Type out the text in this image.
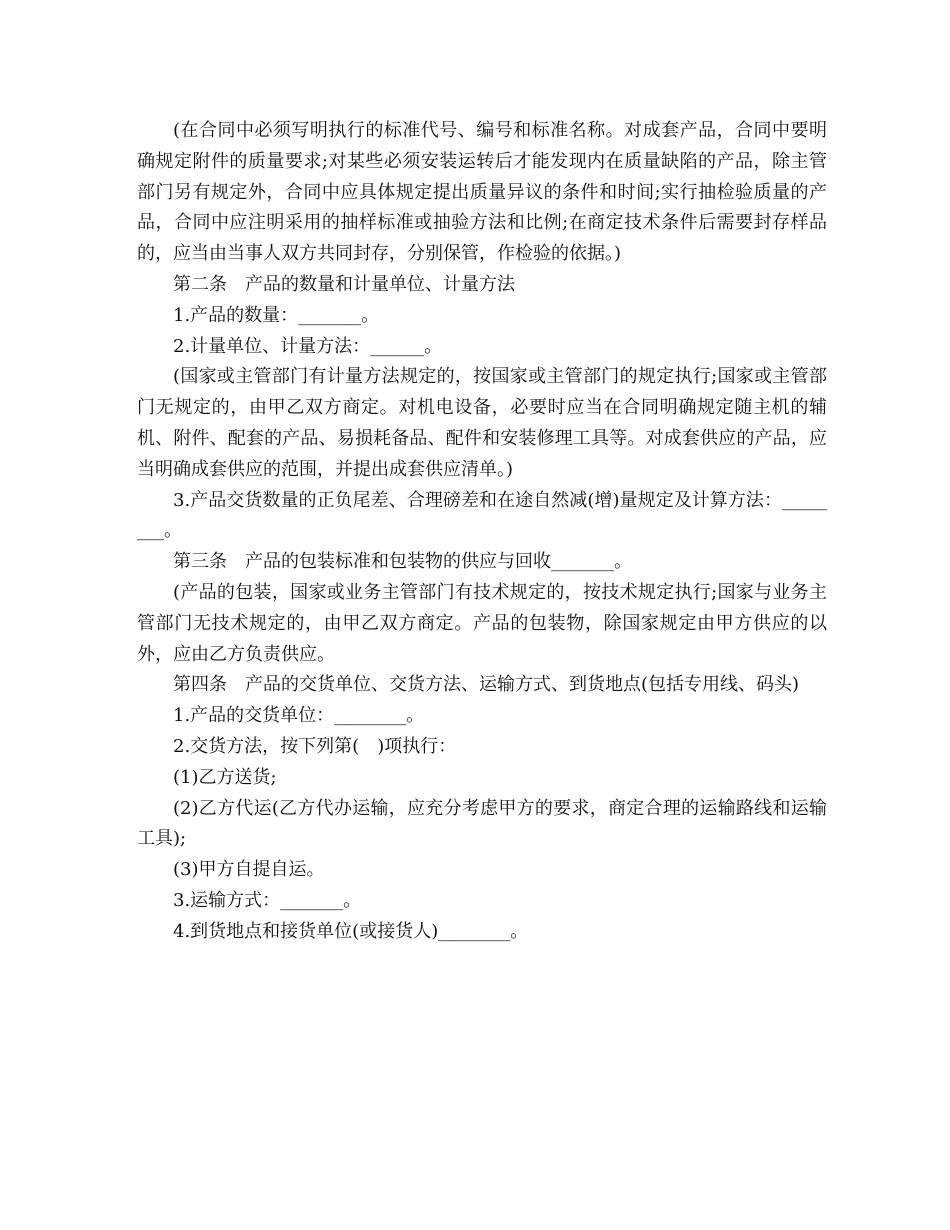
(在合同中必须写明执行的标准代号、编号和标准名称。对成套产品，合同中要明确规定附件的质量要求;对某些必须安装运转后才能发现内在质量缺陷的产品，除主管部门另有规定外，合同中应具体规定提出质量异议的条件和时间;实行抽检验质量的产品，合同中应注明采用的抽样标准或抽验方法和比例;在商定技术条件后需要封存样品的，应当由当事人双方共同封存，分别保管，作检验的依据。)

第二条　产品的数量和计量单位、计量方法

1.产品的数量：_______。

2.计量单位、计量方法：______。

(国家或主管部门有计量方法规定的，按国家或主管部门的规定执行;国家或主管部门无规定的，由甲乙双方商定。对机电设备，必要时应当在合同明确规定随主机的辅机、附件、配套的产品、易损耗备品、配件和安装修理工具等。对成套供应的产品，应当明确成套供应的范围，并提出成套供应清单。)

3.产品交货数量的正负尾差、合理磅差和在途自然减(增)量规定及计算方法：________。

第三条　产品的包装标准和包装物的供应与回收_______。

(产品的包装，国家或业务主管部门有技术规定的，按技术规定执行;国家与业务主管部门无技术规定的，由甲乙双方商定。产品的包装物，除国家规定由甲方供应的以外，应由乙方负责供应。

第四条　产品的交货单位、交货方法、运输方式、到货地点(包括专用线、码头)

1.产品的交货单位：________。

2.交货方法，按下列第(　)项执行：

(1)乙方送货;

(2)乙方代运(乙方代办运输，应充分考虑甲方的要求，商定合理的运输路线和运输工具);

(3)甲方自提自运。

3.运输方式：_______。

4.到货地点和接货单位(或接货人)________。
